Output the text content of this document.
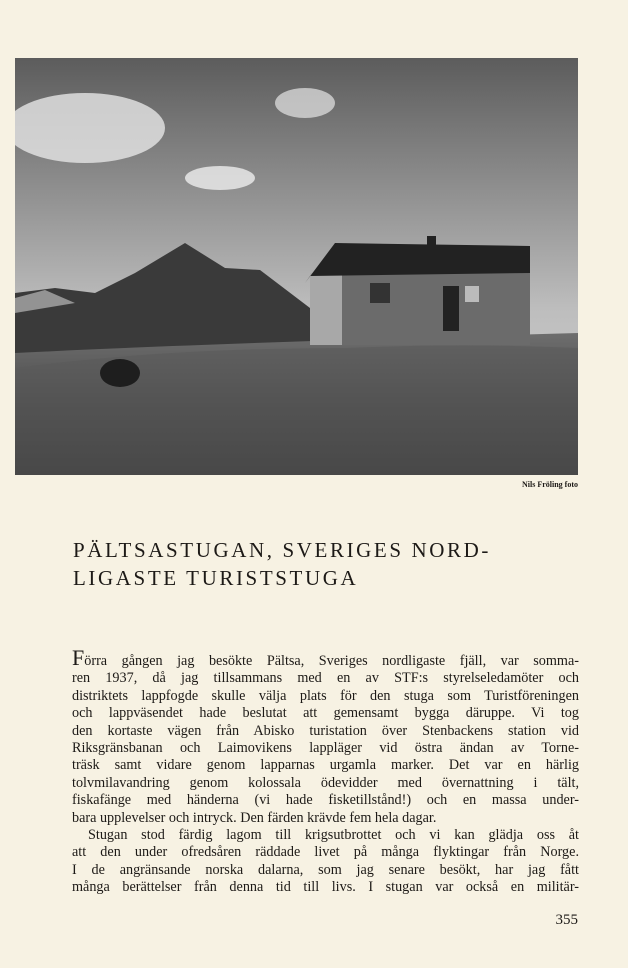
Nils Fröling foto
PÄLTSASTUGAN, SVERIGES NORD-
LIGASTE TURISTSTUGA
Förra gången jag besökte Pältsa, Sveriges nordligaste fjäll, var somma-
ren 1937, då jag tillsammans med en av STF:s styrelseledamöter och
distriktets lappfogde skulle välja plats för den stuga som Turistföreningen
och lappväsendet hade beslutat att gemensamt bygga däruppe. Vi tog
den kortaste vägen från Abisko turistation över Stenbackens station vid
Riksgränsbanan och Laimovikens lappläger vid östra ändan av Torne-
träsk samt vidare genom lapparnas urgamla marker. Det var en härlig
tolvmilavandring genom kolossala ödevidder med övernattning i tält,
fiskafänge med händerna (vi hade fisketillstånd!) och en massa under-
bara upplevelser och intryck. Den färden krävde fem hela dagar.
Stugan stod färdig lagom till krigsutbrottet och vi kan glädja oss åt
att den under ofredsåren räddade livet på många flyktingar från Norge.
I de angränsande norska dalarna, som jag senare besökt, har jag fått
många berättelser från denna tid till livs. I stugan var också en militär-
355
